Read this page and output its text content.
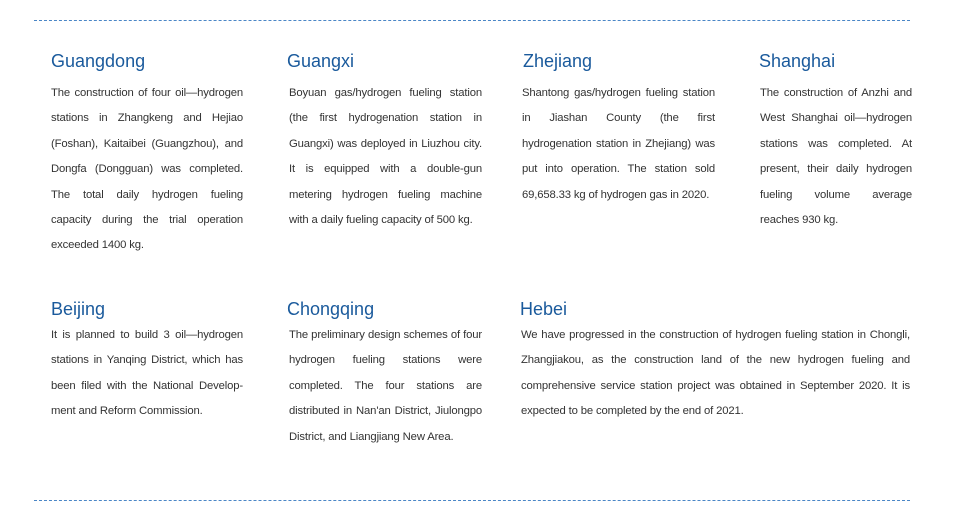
Guangdong

The construction of four oil—hydrogen stations in Zhangkeng and Hejiao (Foshan), Kaitaibei (Guangzhou), and Dongfa (Dongguan) was completed. The total daily hydrogen fueling capacity during the trial operation exceeded 1400 kg.

Guangxi

Boyuan gas/hydrogen fueling station (the first hydrogenation station in Guangxi) was deployed in Liuzhou city. It is equipped with a double-gun metering hydrogen fueling machine with a daily fueling capacity of 500 kg.

Zhejiang

Shantong gas/hydrogen fueling station in Jiashan County (the first hydrogenation station in Zhejiang) was put into operation. The station sold 69,658.33 kg of hydrogen gas in 2020.

Shanghai

The construction of Anzhi and West Shanghai oil—hydrogen stations was completed. At present, their daily hydrogen fueling volume average reaches 930 kg.

Beijing

It is planned to build 3 oil—hydrogen stations in Yanqing District, which has been filed with the National Develop-ment and Reform Commission.

Chongqing

The preliminary design schemes of four hydrogen fueling stations were completed. The four stations are distributed in Nan'an District, Jiulongpo District, and Liangjiang New Area.

Hebei

We have progressed in the construction of hydrogen fueling station in Chongli, Zhangjiakou, as the construction land of the new hydrogen fueling and comprehensive service station project was obtained in September 2020. It is expected to be completed by the end of 2021.
